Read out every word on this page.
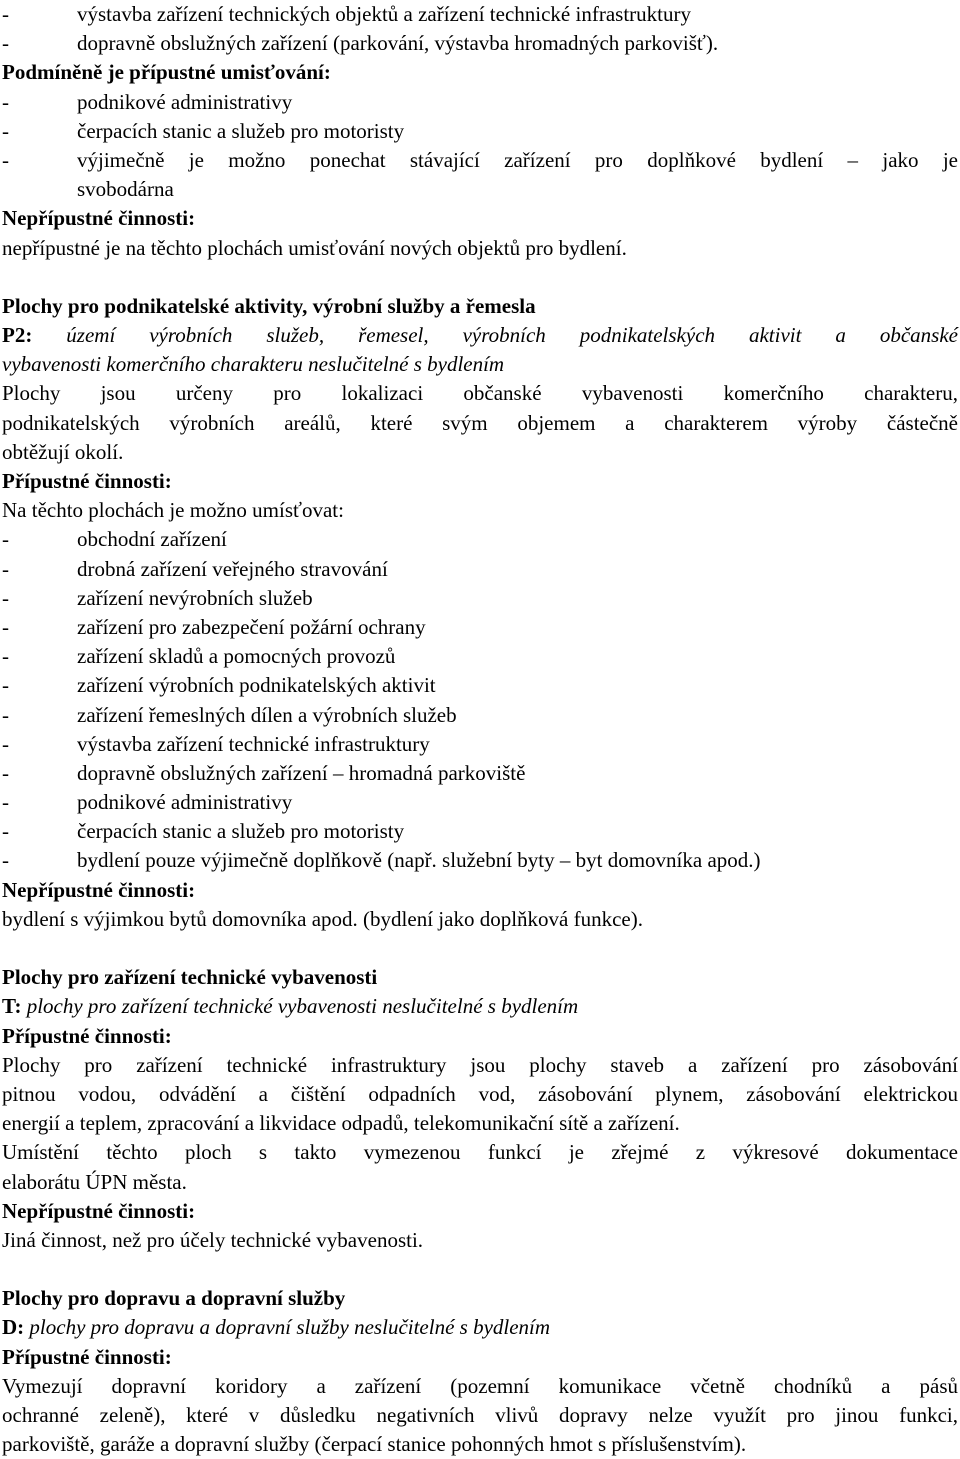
-	výstavba zařízení technických objektů a zařízení technické infrastruktury
-	dopravně obslužných zařízení (parkování, výstavba hromadných parkovišť).
Podmíněně je přípustné umisťování:
-	podnikové administrativy
-	čerpacích stanic a služeb pro motoristy
-	výjimečně je možno ponechat stávající zařízení pro doplňkové bydlení – jako je
svobodárna
Nepřípustné činnosti:
nepřípustné je na těchto plochách umisťování nových objektů pro bydlení.
Plochy pro podnikatelské aktivity, výrobní služby a řemesla
P2: území výrobních služeb, řemesel, výrobních podnikatelských aktivit a občanské
vybavenosti komerčního charakteru neslučitelné s bydlením
Plochy jsou určeny pro lokalizaci občanské vybavenosti komerčního charakteru,
podnikatelských výrobních areálů, které svým objemem a charakterem výroby částečně
obtěžují okolí.
Přípustné činnosti:
Na těchto plochách je možno umísťovat:
-	obchodní zařízení
-	drobná zařízení veřejného stravování
-	zařízení nevýrobních služeb
-	zařízení pro zabezpečení požární ochrany
-	zařízení skladů a pomocných provozů
-	zařízení výrobních podnikatelských aktivit
-	zařízení řemeslných dílen a výrobních služeb
-	výstavba zařízení technické infrastruktury
-	dopravně obslužných zařízení – hromadná parkoviště
-	podnikové administrativy
-	čerpacích stanic a služeb pro motoristy
-	bydlení pouze výjimečně doplňkově (např. služební byty – byt domovníka apod.)
Nepřípustné činnosti:
bydlení s výjimkou bytů domovníka apod. (bydlení jako doplňková funkce).
Plochy pro zařízení technické vybavenosti
T: plochy pro zařízení technické vybavenosti neslučitelné s bydlením
Přípustné činnosti:
Plochy pro zařízení technické infrastruktury jsou plochy staveb a zařízení pro zásobování
pitnou vodou, odvádění a čištění odpadních vod, zásobování plynem, zásobování elektrickou
energií a teplem, zpracování a likvidace odpadů, telekomunikační sítě a zařízení.
Umístění těchto ploch s takto vymezenou funkcí je zřejmé z výkresové dokumentace
elaborátu ÚPN města.
Nepřípustné činnosti:
Jiná činnost, než pro účely technické vybavenosti.
Plochy pro dopravu a dopravní služby
D: plochy pro dopravu a dopravní služby neslučitelné s bydlením
Přípustné činnosti:
Vymezují dopravní koridory a zařízení (pozemní komunikace včetně chodníků a pásů
ochranné zeleně), které v důsledku negativních vlivů dopravy nelze využít pro jinou funkci,
parkoviště, garáže a dopravní služby (čerpací stanice pohonných hmot s příslušenstvím).
